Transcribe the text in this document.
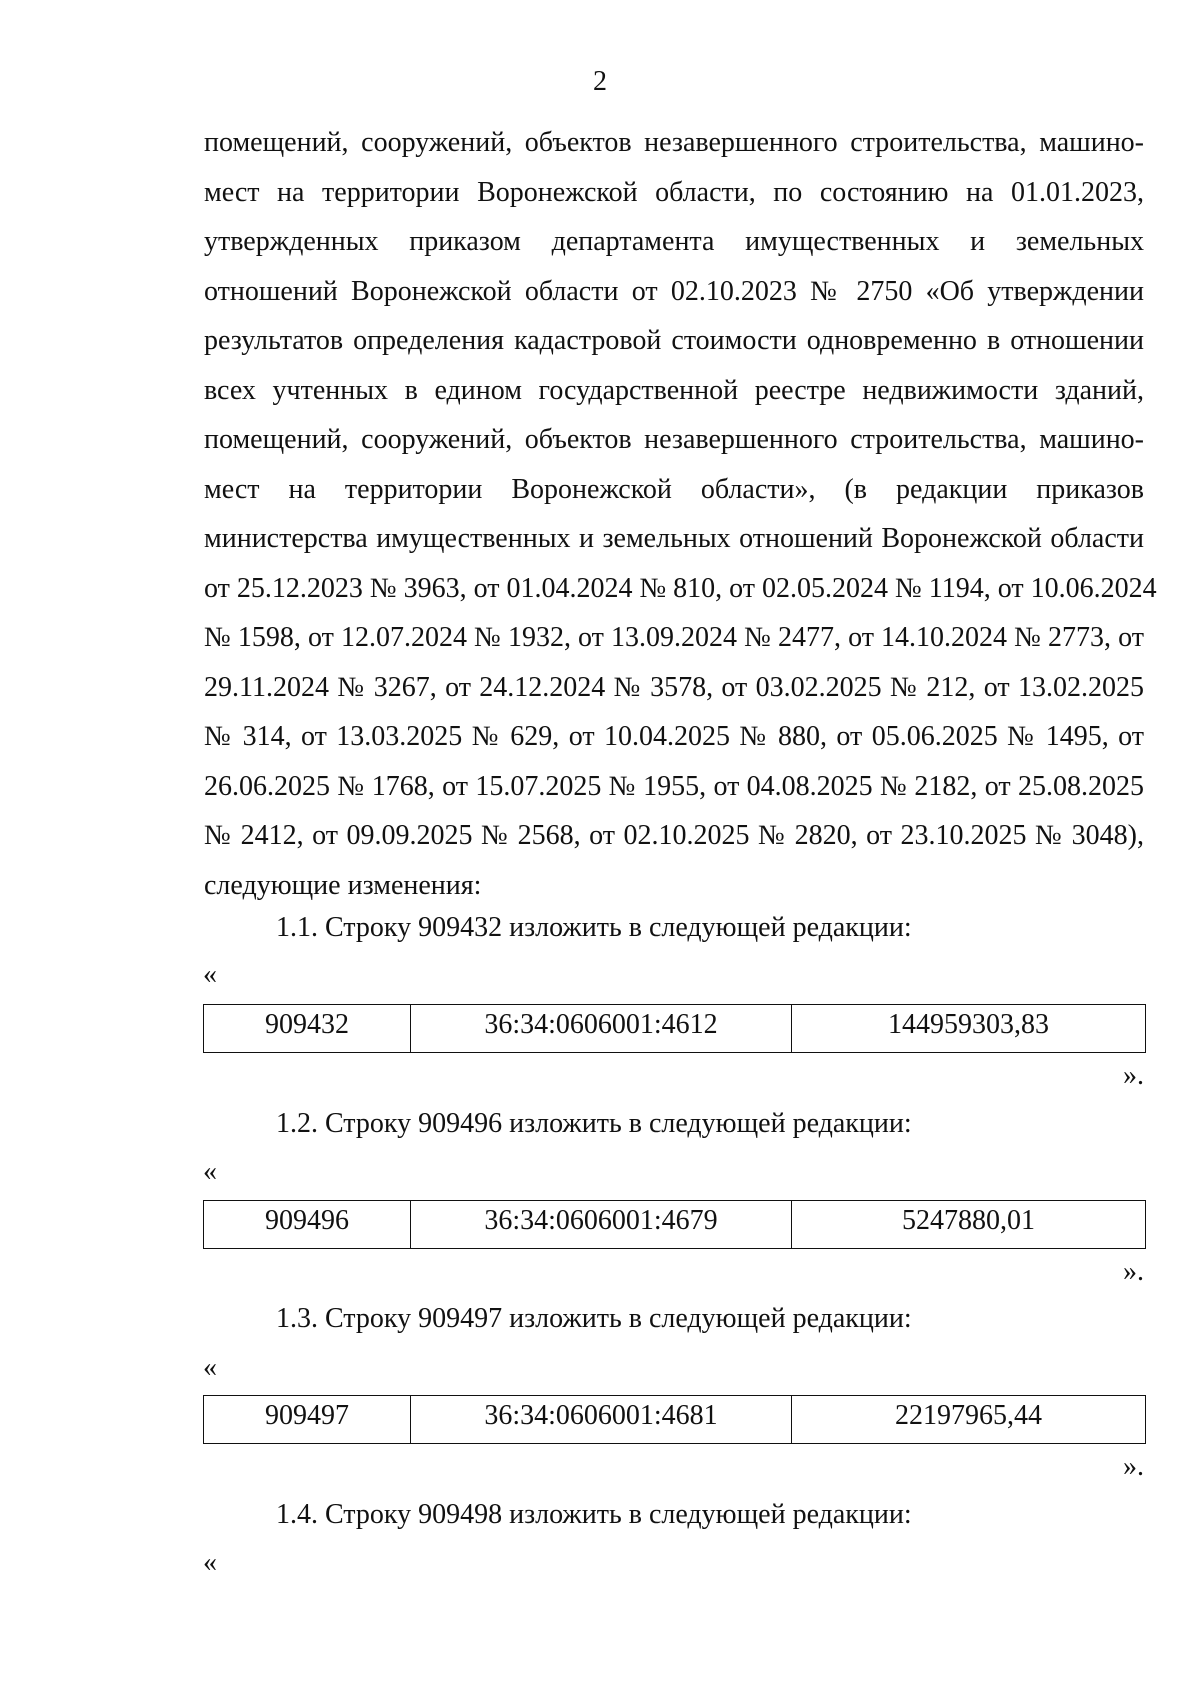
2
помещений, сооружений, объектов незавершенного строительства, машино-
мест на территории Воронежской области, по состоянию на 01.01.2023,
утвержденных приказом департамента имущественных и земельных
отношений Воронежской области от 02.10.2023 № 2750 «Об утверждении
результатов определения кадастровой стоимости одновременно в отношении
всех учтенных в едином государственной реестре недвижимости зданий,
помещений, сооружений, объектов незавершенного строительства, машино-
мест на территории Воронежской области», (в редакции приказов
министерства имущественных и земельных отношений Воронежской области
от 25.12.2023 № 3963, от 01.04.2024 № 810, от 02.05.2024 № 1194, от 10.06.2024
№ 1598, от 12.07.2024 № 1932, от 13.09.2024 № 2477, от 14.10.2024 № 2773, от
29.11.2024 № 3267, от 24.12.2024 № 3578, от 03.02.2025 № 212, от 13.02.2025
№ 314, от 13.03.2025 № 629, от 10.04.2025 № 880, от 05.06.2025 № 1495, от
26.06.2025 № 1768, от 15.07.2025 № 1955, от 04.08.2025 № 2182, от 25.08.2025
№ 2412, от 09.09.2025 № 2568, от 02.10.2025 № 2820, от 23.10.2025 № 3048),
следующие изменения:
1.1. Строку 909432 изложить в следующей редакции:
«
909432	36:34:0606001:4612	144959303,83
».
1.2. Строку 909496 изложить в следующей редакции:
«
909496	36:34:0606001:4679	5247880,01
».
1.3. Строку 909497 изложить в следующей редакции:
«
909497	36:34:0606001:4681	22197965,44
».
1.4. Строку 909498 изложить в следующей редакции:
«
